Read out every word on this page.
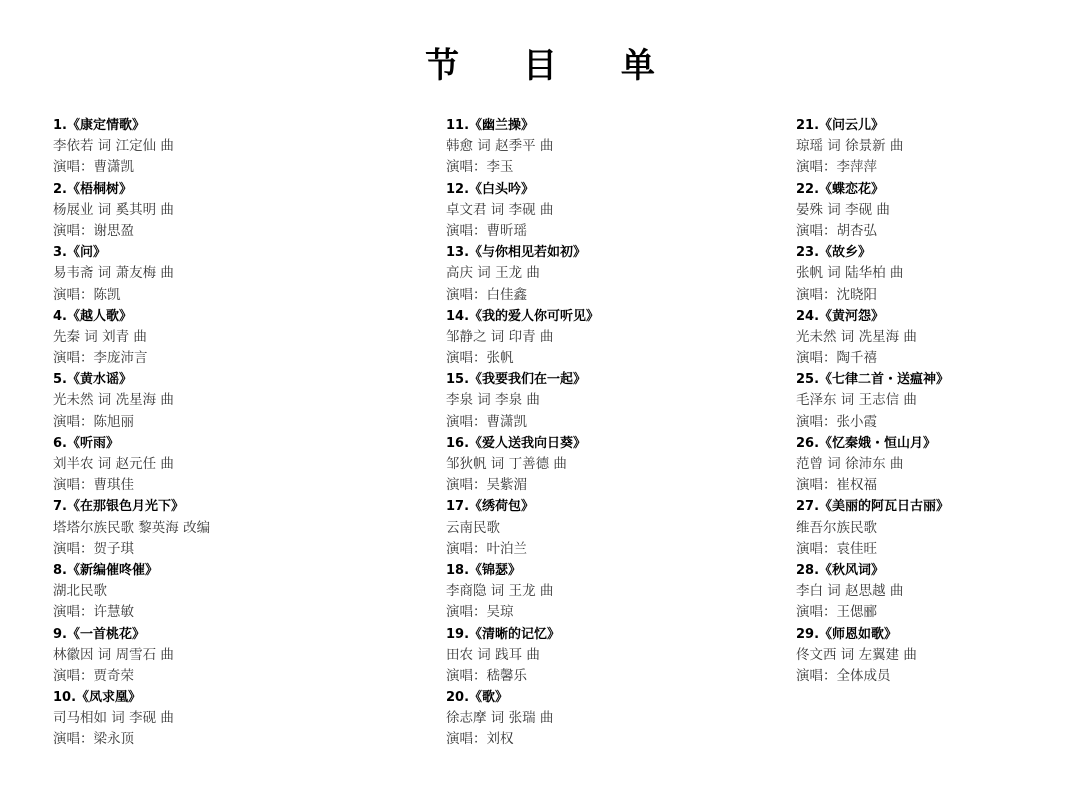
节 目 单
1.《康定情歌》
李依若 词 江定仙 曲
演唱：曹潇凯
2.《梧桐树》
杨展业 词 奚其明 曲
演唱：谢思盈
3.《问》
易韦斋 词 萧友梅 曲
演唱：陈凯
4.《越人歌》
先秦 词 刘青 曲
演唱：李庞沛言
5.《黄水谣》
光未然 词 冼星海 曲
演唱：陈旭丽
6.《听雨》
刘半农 词 赵元任 曲
演唱：曹琪佳
7.《在那银色月光下》
塔塔尔族民歌 黎英海 改编
演唱：贺子琪
8.《新编催咚催》
湖北民歌
演唱：许慧敏
9.《一首桃花》
林徽因 词 周雪石 曲
演唱：贾奇荣
10.《凤求凰》
司马相如 词 李砚 曲
演唱：梁永顶
11.《幽兰操》
韩愈 词 赵季平 曲
演唱：李玉
12.《白头吟》
卓文君 词 李砚 曲
演唱：曹昕瑶
13.《与你相见若如初》
高庆 词 王龙 曲
演唱：白佳鑫
14.《我的爱人你可听见》
邹静之 词 印青 曲
演唱：张帆
15.《我要我们在一起》
李泉 词 李泉 曲
演唱：曹潇凯
16.《爱人送我向日葵》
邹狄帆 词 丁善德 曲
演唱：吴紫湄
17.《绣荷包》
云南民歌
演唱：叶泊兰
18.《锦瑟》
李商隐 词 王龙 曲
演唱：吴琼
19.《清晰的记忆》
田农 词 践耳 曲
演唱：嵇馨乐
20.《歌》
徐志摩 词 张瑞 曲
演唱：刘权
21.《问云儿》
琼瑶 词 徐景新 曲
演唱：李萍萍
22.《蝶恋花》
晏殊 词 李砚 曲
演唱：胡杏弘
23.《故乡》
张帆 词 陆华柏 曲
演唱：沈晓阳
24.《黄河怨》
光未然 词 冼星海 曲
演唱：陶千禧
25.《七律二首・送瘟神》
毛泽东 词 王志信 曲
演唱：张小霞
26.《忆秦娥・恒山月》
范曾 词 徐沛东 曲
演唱：崔权福
27.《美丽的阿瓦日古丽》
维吾尔族民歌
演唱：袁佳旺
28.《秋风词》
李白 词 赵思越 曲
演唱：王偲郦
29.《师恩如歌》
佟文西 词 左翼建 曲
演唱：全体成员
